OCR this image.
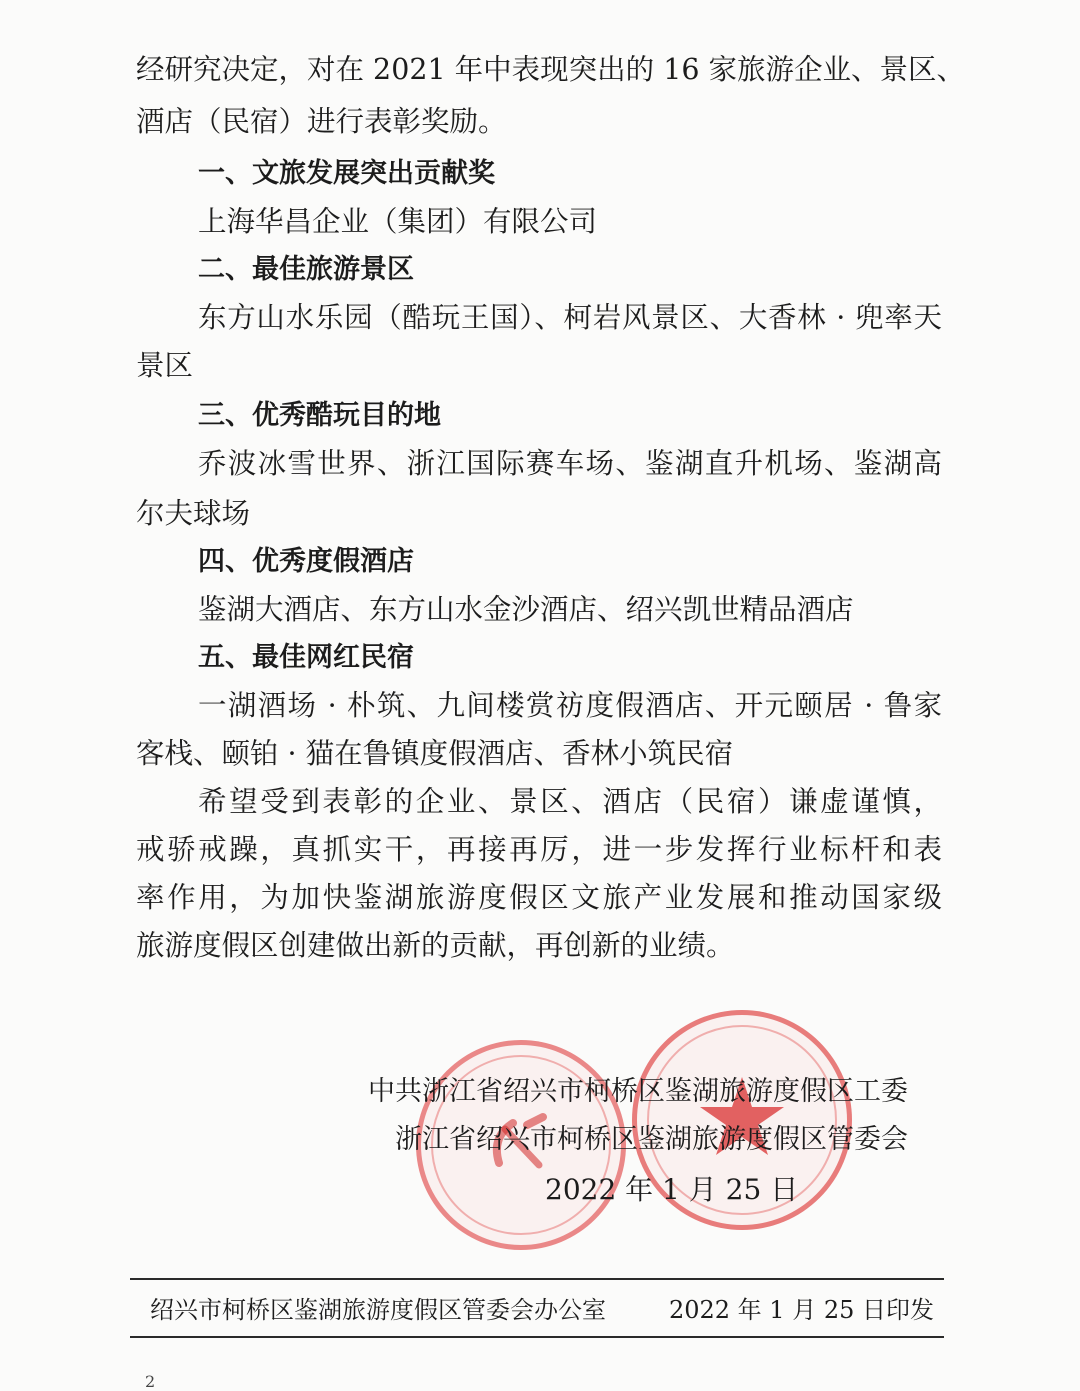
经研究决定，对在 2021 年中表现突出的 16 家旅游企业、景区、
酒店（民宿）进行表彰奖励。
一、文旅发展突出贡献奖
上海华昌企业（集团）有限公司
二、最佳旅游景区
东方山水乐园（酷玩王国）、柯岩风景区、大香林 · 兜率天
景区
三、优秀酷玩目的地
乔波冰雪世界、浙江国际赛车场、鉴湖直升机场、鉴湖高
尔夫球场
四、优秀度假酒店
鉴湖大酒店、东方山水金沙酒店、绍兴凯世精品酒店
五、最佳网红民宿
一湖酒场 · 朴筑、九间楼赏祊度假酒店、开元颐居 · 鲁家
客栈、颐铂 · 猫在鲁镇度假酒店、香林小筑民宿
希望受到表彰的企业、景区、酒店（民宿）谦虚谨慎，
戒骄戒躁，真抓实干，再接再厉，进一步发挥行业标杆和表
率作用，为加快鉴湖旅游度假区文旅产业发展和推动国家级
旅游度假区创建做出新的贡献，再创新的业绩。
中共浙江省绍兴市柯桥区鉴湖旅游度假区工委
浙江省绍兴市柯桥区鉴湖旅游度假区管委会
2022 年 1 月 25 日
绍兴市柯桥区鉴湖旅游度假区管委会办公室	2022 年 1 月 25 日印发
2
